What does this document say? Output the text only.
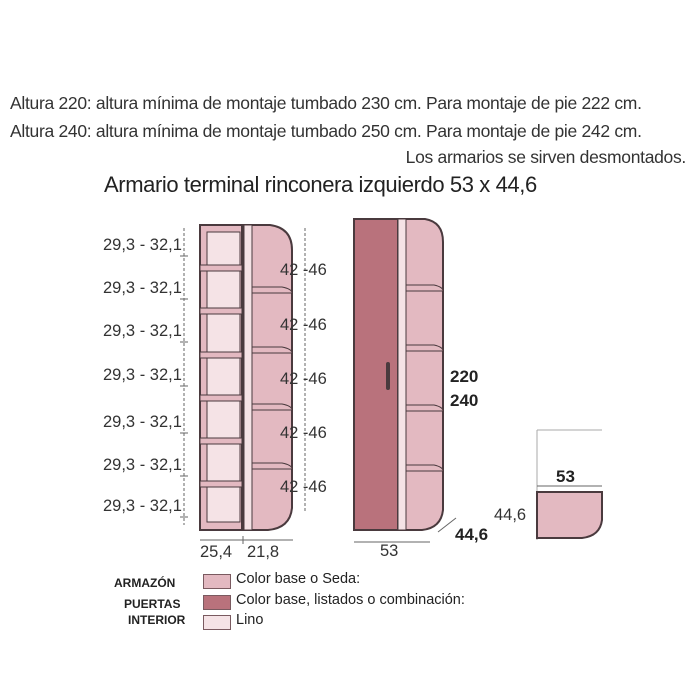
Altura 220: altura mínima de montaje tumbado 230 cm. Para montaje de pie 222 cm.
Altura 240: altura mínima de montaje tumbado 250 cm. Para montaje de pie 242 cm.
Los armarios se sirven desmontados.
Armario terminal rinconera izquierdo 53 x 44,6
29,3 - 32,1
29,3 - 32,1
29,3 - 32,1
29,3 - 32,1
29,3 - 32,1
29,3 - 32,1
29,3 - 32,1
42 -46
42 -46
42 -46
42 -46
42 -46
25,4 21,8	53
44,6
220
240
53
44,6
ARMAZÓN
PUERTAS
INTERIOR
Color base o Seda:
Color base, listados o combinación:
Lino
